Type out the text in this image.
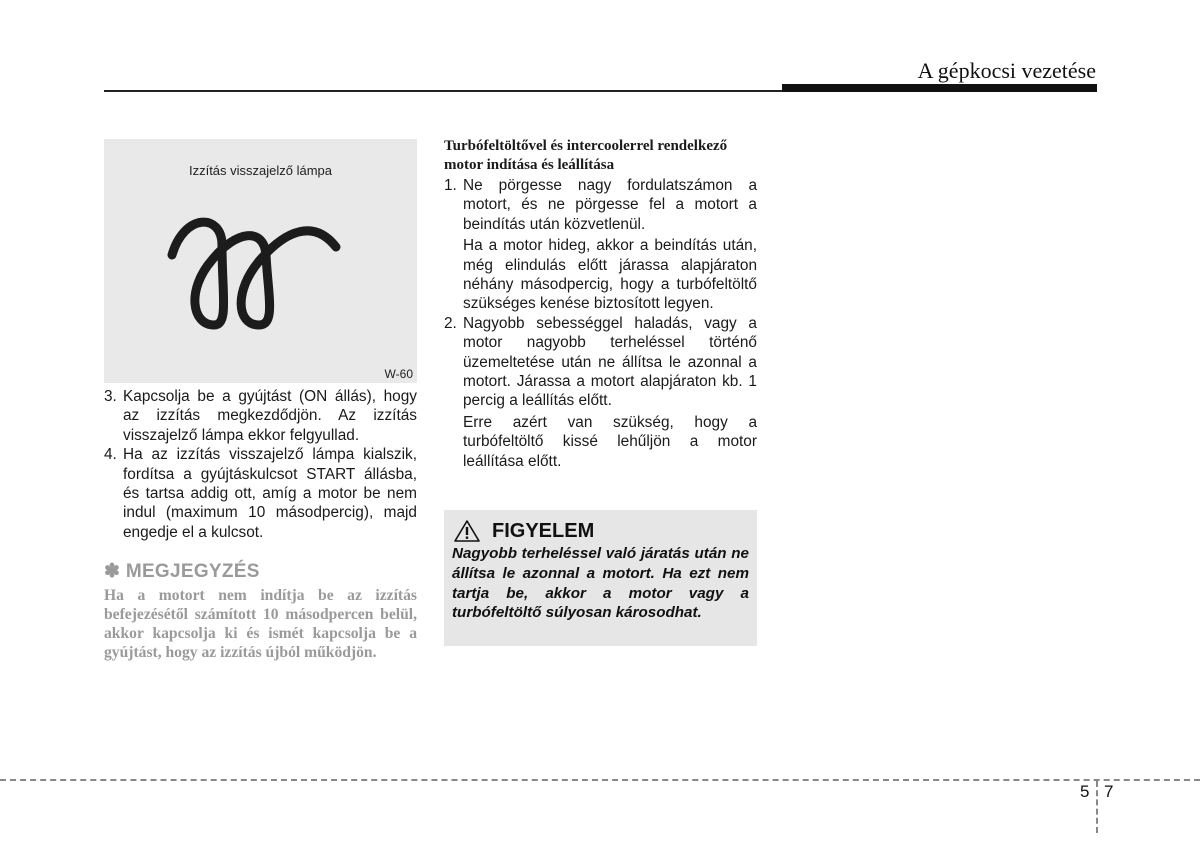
A gépkocsi vezetése
Izzítás visszajelző lámpa
W-60
3. Kapcsolja be a gyújtást (ON állás), hogy az izzítás megkezdődjön. Az izzítás visszajelző lámpa ekkor felgyullad.
4. Ha az izzítás visszajelző lámpa kialszik, fordítsa a gyújtáskulcsot START állásba, és tartsa addig ott, amíg a motor be nem indul (maximum 10 másodpercig), majd engedje el a kulcsot.
✽ MEGJEGYZÉS
Ha a motort nem indítja be az izzítás befejezésétől számított 10 másodpercen belül, akkor kapcsolja ki és ismét kapcsolja be a gyújtást, hogy az izzítás újból működjön.
Turbófeltöltővel és intercoolerrel rendelkező motor indítása és leállítása
1. Ne pörgesse nagy fordulatszámon a motort, és ne pörgesse fel a motort a beindítás után közvetlenül.
Ha a motor hideg, akkor a beindítás után, még elindulás előtt járassa alapjáraton néhány másodpercig, hogy a turbófeltöltő szükséges kenése biztosított legyen.
2. Nagyobb sebességgel haladás, vagy a motor nagyobb terheléssel történő üzemeltetése után ne állítsa le azonnal a motort. Járassa a motort alapjáraton kb. 1 percig a leállítás előtt.
Erre azért van szükség, hogy a turbófeltöltő kissé lehűljön a motor leállítása előtt.
FIGYELEM
Nagyobb terheléssel való járatás után ne állítsa le azonnal a motort. Ha ezt nem tartja be, akkor a motor vagy a turbófeltöltő súlyosan károsodhat.
5 7
